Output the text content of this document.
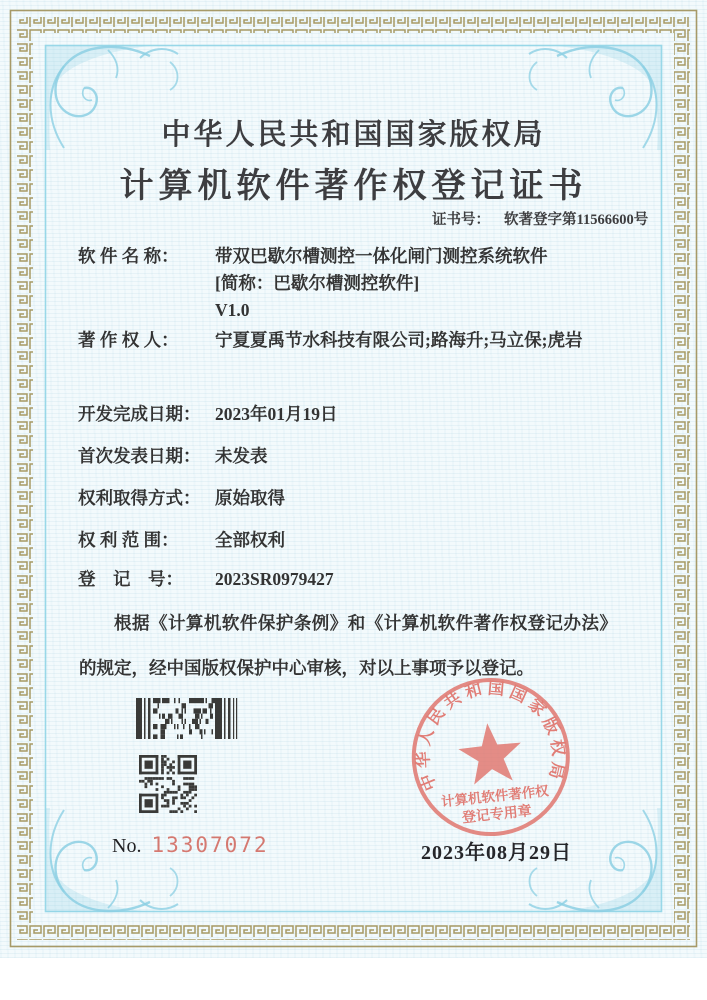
中华人民共和国国家版权局
计算机软件著作权登记证书
证书号： 软著登字第11566600号
软 件 名 称： 带双巴歇尔槽测控一体化闸门测控系统软件
[简称：巴歇尔槽测控软件]
V1.0
著 作 权 人： 宁夏夏禹节水科技有限公司;路海升;马立保;虎岩
开发完成日期： 2023年01月19日
首次发表日期： 未发表
权利取得方式： 原始取得
权 利 范 围： 全部权利
登　记　号： 2023SR0979427
根据《计算机软件保护条例》和《计算机软件著作权登记办法》的规定，经中国版权保护中心审核，对以上事项予以登记。
中华人民共和国国家版权局
计算机软件著作权
登记专用章
No. 13307072	2023年08月29日
